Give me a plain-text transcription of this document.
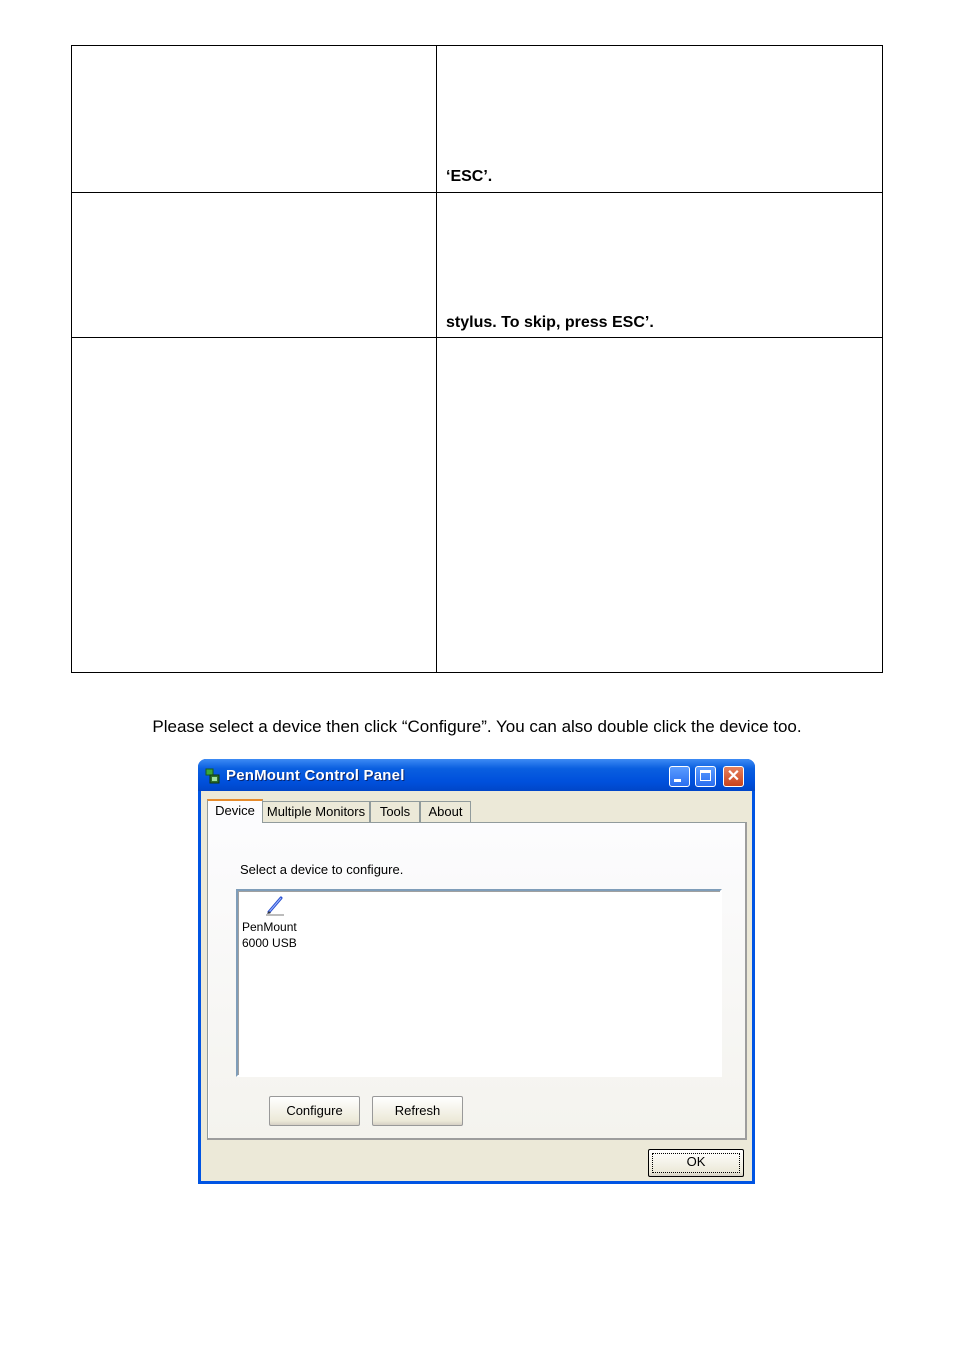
‘ESC’.
stylus. To skip, press ESC’.
Please select a device then click “Configure”. You can also double click the device too.
PenMount Control Panel	✕
Device Multiple Monitors	Tools	About
Select a device to configure.
PenMount
6000 USB
Configure	Refresh
OK
